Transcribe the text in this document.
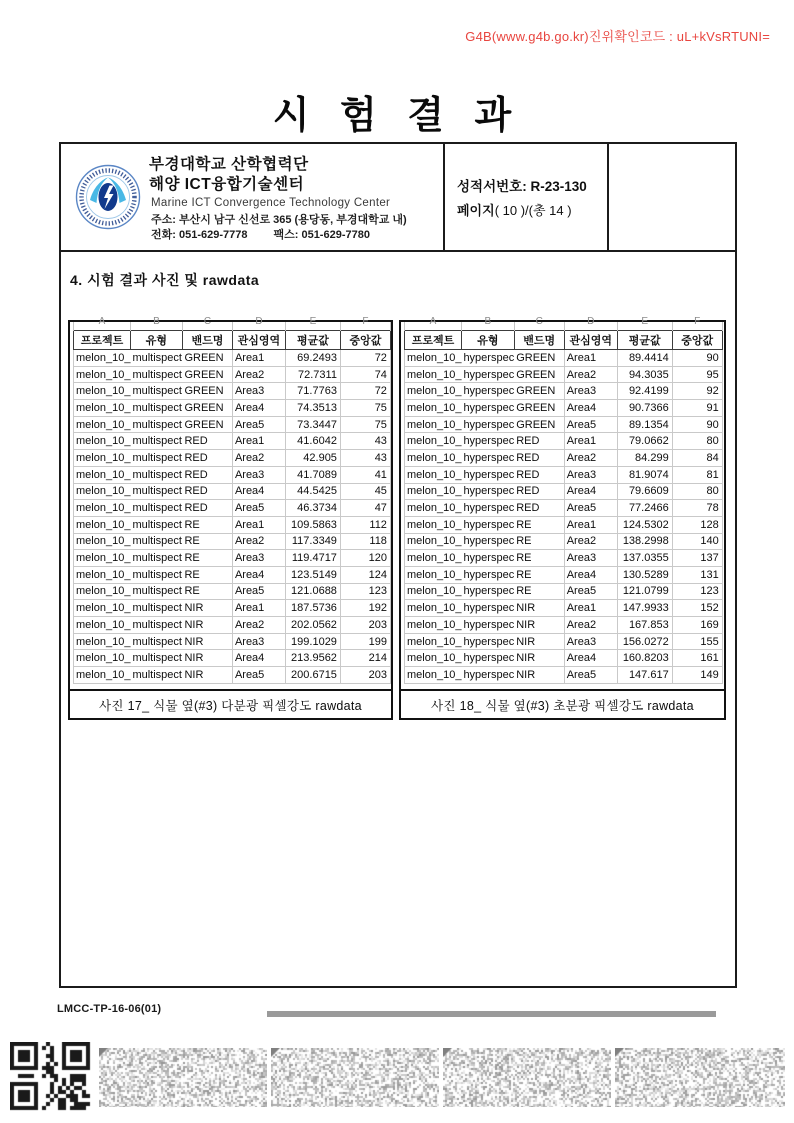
G4B(www.g4b.go.kr)진위확인코드 : uL+kVsRTUNI=
시 험 결 과
부경대학교 산학협력단
해양 ICT융합기술센터
Marine ICT Convergence Technology Center
주소: 부산시 남구 신선로 365 (용당동, 부경대학교 내)
전화: 051-629-7778 팩스: 051-629-7780
성적서번호: R-23-130
페이지( 10 )/(총 14 )
4. 시험 결과 사진 및 rawdata
A	B	C	D	E	F

프로젝트	유형	밴드명	관심영역	평균값	중앙값
melon_10_	multispect	GREEN	Area1	69.2493	72
melon_10_	multispect	GREEN	Area2	72.7311	74
melon_10_	multispect	GREEN	Area3	71.7763	72
melon_10_	multispect	GREEN	Area4	74.3513	75
melon_10_	multispect	GREEN	Area5	73.3447	75
melon_10_	multispect	RED	Area1	41.6042	43
melon_10_	multispect	RED	Area2	42.905	43
melon_10_	multispect	RED	Area3	41.7089	41
melon_10_	multispect	RED	Area4	44.5425	45
melon_10_	multispect	RED	Area5	46.3734	47
melon_10_	multispect	RE	Area1	109.5863	112
melon_10_	multispect	RE	Area2	117.3349	118
melon_10_	multispect	RE	Area3	119.4717	120
melon_10_	multispect	RE	Area4	123.5149	124
melon_10_	multispect	RE	Area5	121.0688	123
melon_10_	multispect	NIR	Area1	187.5736	192
melon_10_	multispect	NIR	Area2	202.0562	203
melon_10_	multispect	NIR	Area3	199.1029	199
melon_10_	multispect	NIR	Area4	213.9562	214
melon_10_	multispect	NIR	Area5	200.6715	203
사진 17_ 식물 옆(#3) 다분광 픽셀강도 rawdata
A	B	C	D	E	F

프로젝트	유형	밴드명	관심영역	평균값	중앙값
melon_10_	hyperspec	GREEN	Area1	89.4414	90
melon_10_	hyperspec	GREEN	Area2	94.3035	95
melon_10_	hyperspec	GREEN	Area3	92.4199	92
melon_10_	hyperspec	GREEN	Area4	90.7366	91
melon_10_	hyperspec	GREEN	Area5	89.1354	90
melon_10_	hyperspec	RED	Area1	79.0662	80
melon_10_	hyperspec	RED	Area2	84.299	84
melon_10_	hyperspec	RED	Area3	81.9074	81
melon_10_	hyperspec	RED	Area4	79.6609	80
melon_10_	hyperspec	RED	Area5	77.2466	78
melon_10_	hyperspec	RE	Area1	124.5302	128
melon_10_	hyperspec	RE	Area2	138.2998	140
melon_10_	hyperspec	RE	Area3	137.0355	137
melon_10_	hyperspec	RE	Area4	130.5289	131
melon_10_	hyperspec	RE	Area5	121.0799	123
melon_10_	hyperspec	NIR	Area1	147.9933	152
melon_10_	hyperspec	NIR	Area2	167.853	169
melon_10_	hyperspec	NIR	Area3	156.0272	155
melon_10_	hyperspec	NIR	Area4	160.8203	161
melon_10_	hyperspec	NIR	Area5	147.617	149
사진 18_ 식물 옆(#3) 초분광 픽셀강도 rawdata
LMCC-TP-16-06(01)
